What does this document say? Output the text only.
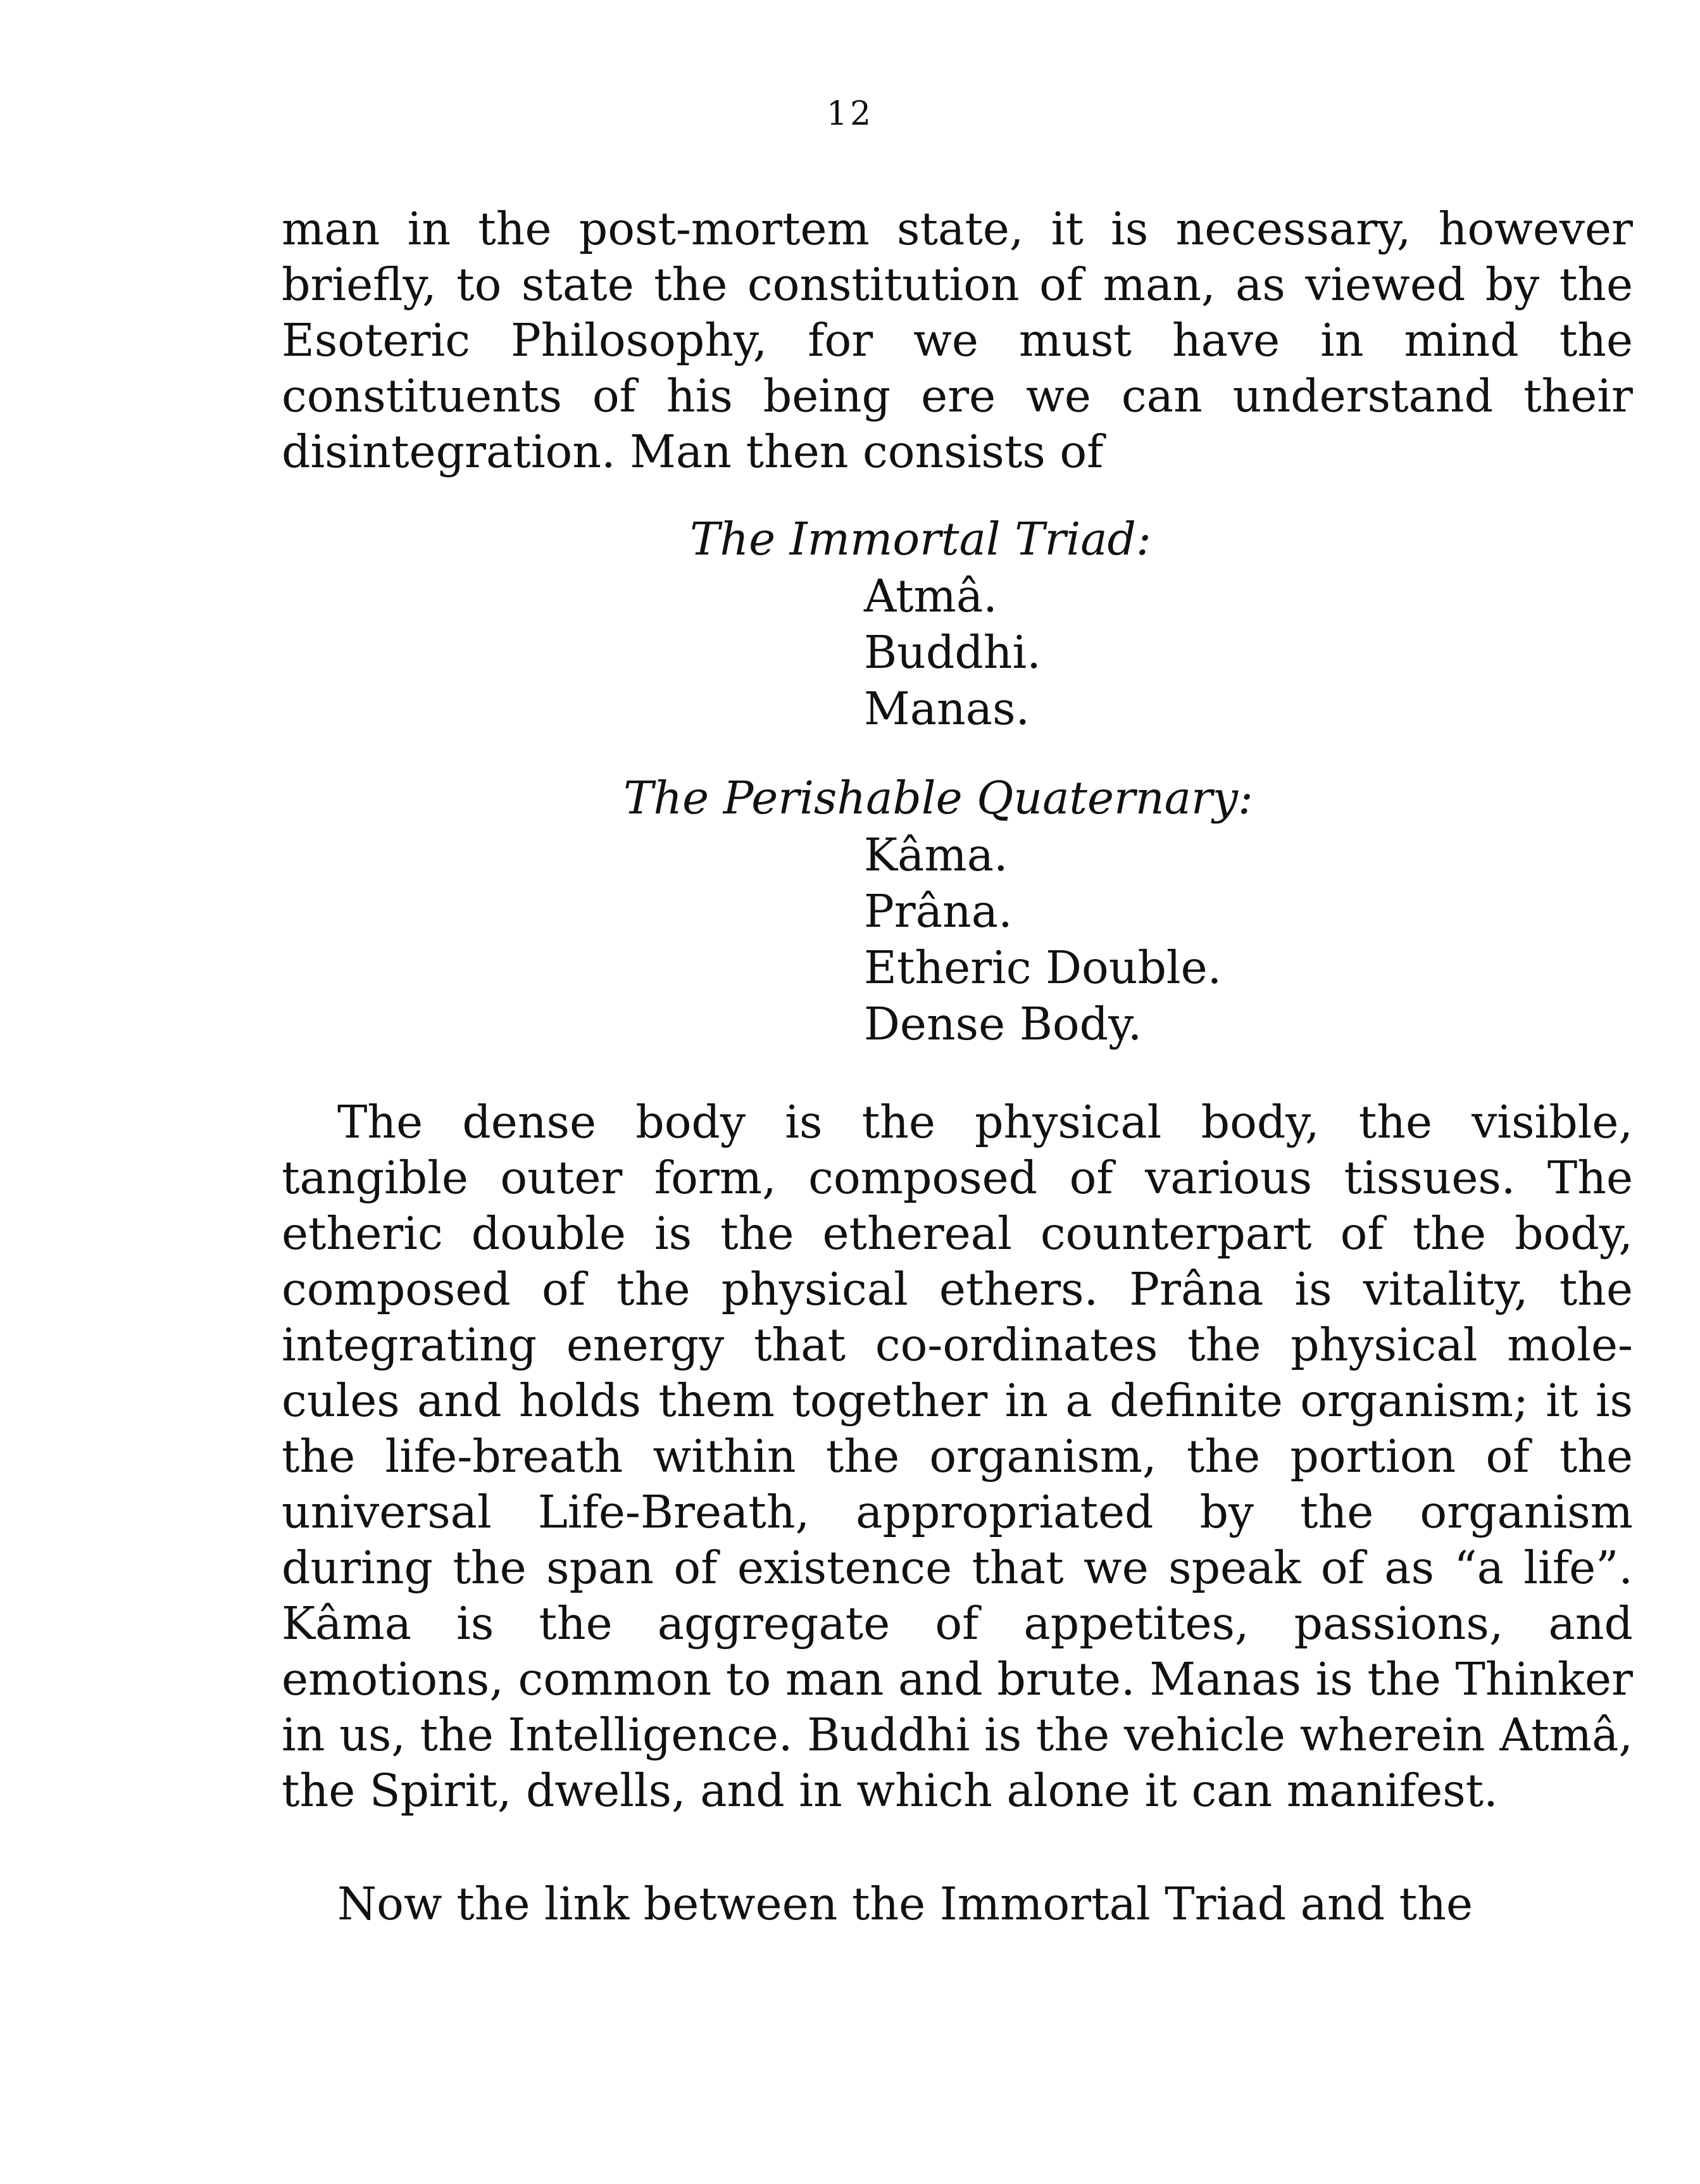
12

man in the post-mortem state, it is necessary, however briefly, to state the constitution of man, as viewed by the Esoteric Philosophy, for we must have in mind the constituents of his being ere we can understand their disintegration. Man then consists of

The Immortal Triad:
Atmâ.
Buddhi.
Manas.
The Perishable Quaternary:
Kâma.
Prâna.
Etheric Double.
Dense Body.

The dense body is the physical body, the visible, tangible outer form, composed of various tissues. The etheric double is the ethereal counterpart of the body, composed of the physical ethers. Prâna is vitality, the integrating energy that co-ordinates the physical mole-cules and holds them together in a definite organism; it is the life-breath within the organism, the portion of the universal Life-Breath, appropriated by the organism during the span of existence that we speak of as “a life”. Kâma is the aggregate of appetites, passions, and emotions, common to man and brute. Manas is the Thinker in us, the Intelligence. Buddhi is the vehicle wherein Atmâ, the Spirit, dwells, and in which alone it can manifest.

Now the link between the Immortal Triad and the
